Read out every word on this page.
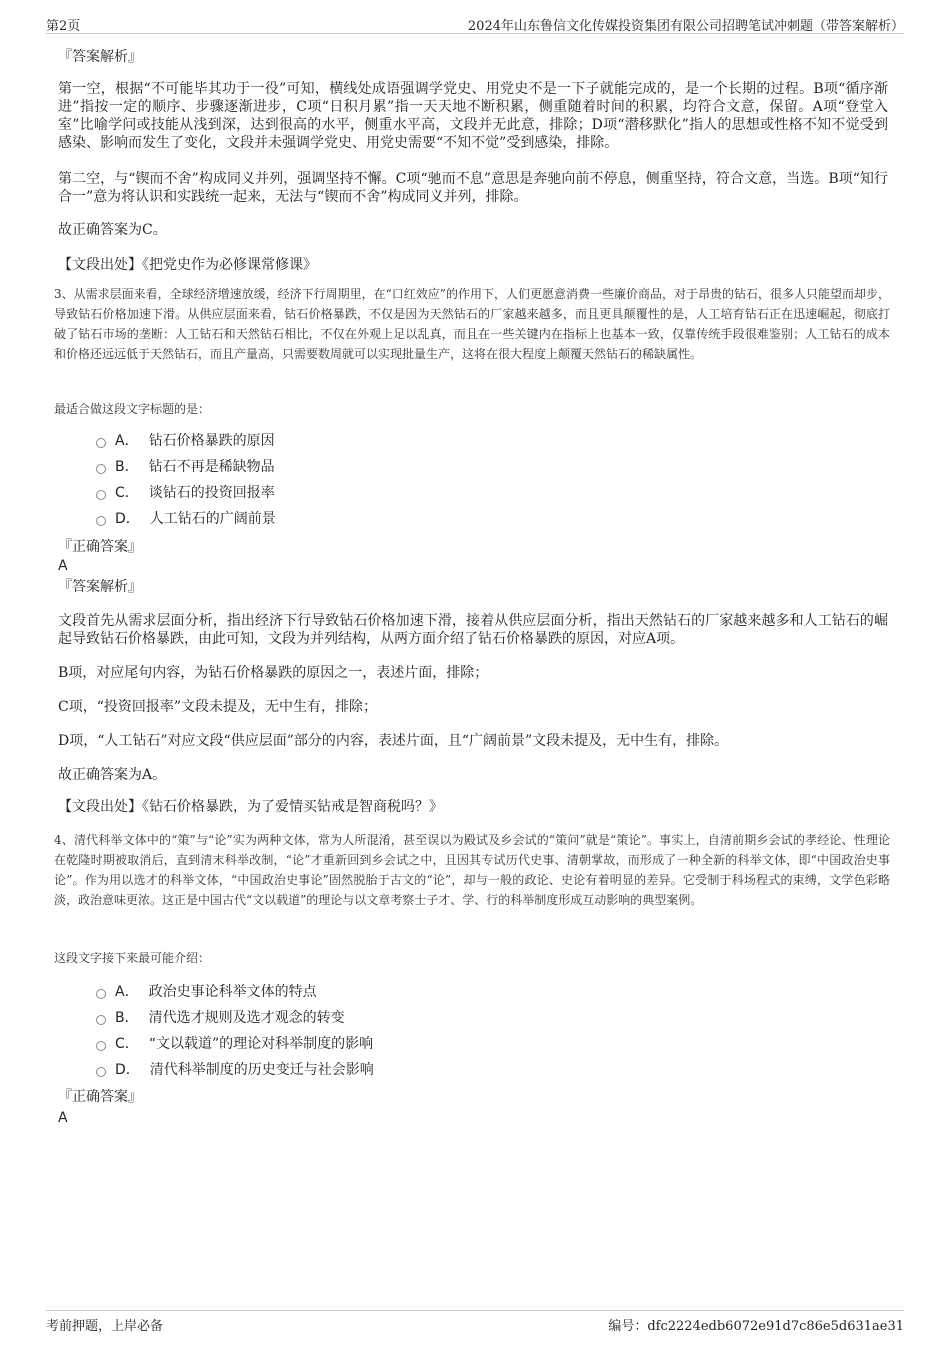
第2页	2024年山东鲁信文化传媒投资集团有限公司招聘笔试冲刺题（带答案解析）
『答案解析』

第一空，根据“不可能毕其功于一役”可知，横线处成语强调学党史、用党史不是一下子就能完成的，是一个长期的过程。B项“循序渐进”指按一定的顺序、步骤逐渐进步，C项“日积月累”指一天天地不断积累，侧重随着时间的积累，均符合文意，保留。A项“登堂入室”比喻学问或技能从浅到深，达到很高的水平，侧重水平高，文段并无此意，排除；D项“潜移默化”指人的思想或性格不知不觉受到感染、影响而发生了变化，文段并未强调学党史、用党史需要“不知不觉”受到感染，排除。

第二空，与“锲而不舍”构成同义并列，强调坚持不懈。C项“驰而不息”意思是奔驰向前不停息，侧重坚持，符合文意，当选。B项“知行合一”意为将认识和实践统一起来，无法与“锲而不舍”构成同义并列，排除。

故正确答案为C。
【文段出处】《把党史作为必修课常修课》

3、从需求层面来看，全球经济增速放缓，经济下行周期里，在“口红效应”的作用下，人们更愿意消费一些廉价商品，对于昂贵的钻石，很多人只能望而却步，导致钻石价格加速下滑。从供应层面来看，钻石价格暴跌，不仅是因为天然钻石的厂家越来越多，而且更具颠覆性的是，人工培育钻石正在迅速崛起，彻底打破了钻石市场的垄断：人工钻石和天然钻石相比，不仅在外观上足以乱真，而且在一些关键内在指标上也基本一致，仅靠传统手段很难鉴别；人工钻石的成本和价格还远远低于天然钻石，而且产量高，只需要数周就可以实现批量生产，这将在很大程度上颠覆天然钻石的稀缺属性。

最适合做这段文字标题的是：
A． 钻石价格暴跌的原因
B． 钻石不再是稀缺物品
C． 谈钻石的投资回报率
D． 人工钻石的广阔前景
『正确答案』
A
『答案解析』

文段首先从需求层面分析，指出经济下行导致钻石价格加速下滑，接着从供应层面分析，指出天然钻石的厂家越来越多和人工钻石的崛起导致钻石价格暴跌，由此可知，文段为并列结构，从两方面介绍了钻石价格暴跌的原因，对应A项。

B项，对应尾句内容，为钻石价格暴跌的原因之一，表述片面，排除；
C项，“投资回报率”文段未提及，无中生有，排除；
D项，“人工钻石”对应文段“供应层面”部分的内容，表述片面，且“广阔前景”文段未提及，无中生有，排除。
故正确答案为A。
【文段出处】《钻石价格暴跌，为了爱情买钻戒是智商税吗？》

4、清代科举文体中的“策”与“论”实为两种文体，常为人所混淆，甚至误以为殿试及乡会试的“策问”就是“策论”。事实上，自清前期乡会试的孝经论、性理论在乾隆时期被取消后，直到清末科举改制，“论”才重新回到乡会试之中，且因其专试历代史事、清朝掌故，而形成了一种全新的科举文体，即“中国政治史事论”。作为用以选才的科举文体，“中国政治史事论”固然脱胎于古文的“论”，却与一般的政论、史论有着明显的差异。它受制于科场程式的束缚，文学色彩略淡，政治意味更浓。这正是中国古代“文以载道”的理论与以文章考察士子才、学、行的科举制度形成互动影响的典型案例。

这段文字接下来最可能介绍：
A． 政治史事论科举文体的特点
B． 清代选才规则及选才观念的转变
C． “文以载道”的理论对科举制度的影响
D． 清代科举制度的历史变迁与社会影响
『正确答案』
A
考前押题，上岸必备	编号：dfc2224edb6072e91d7c86e5d631ae31
